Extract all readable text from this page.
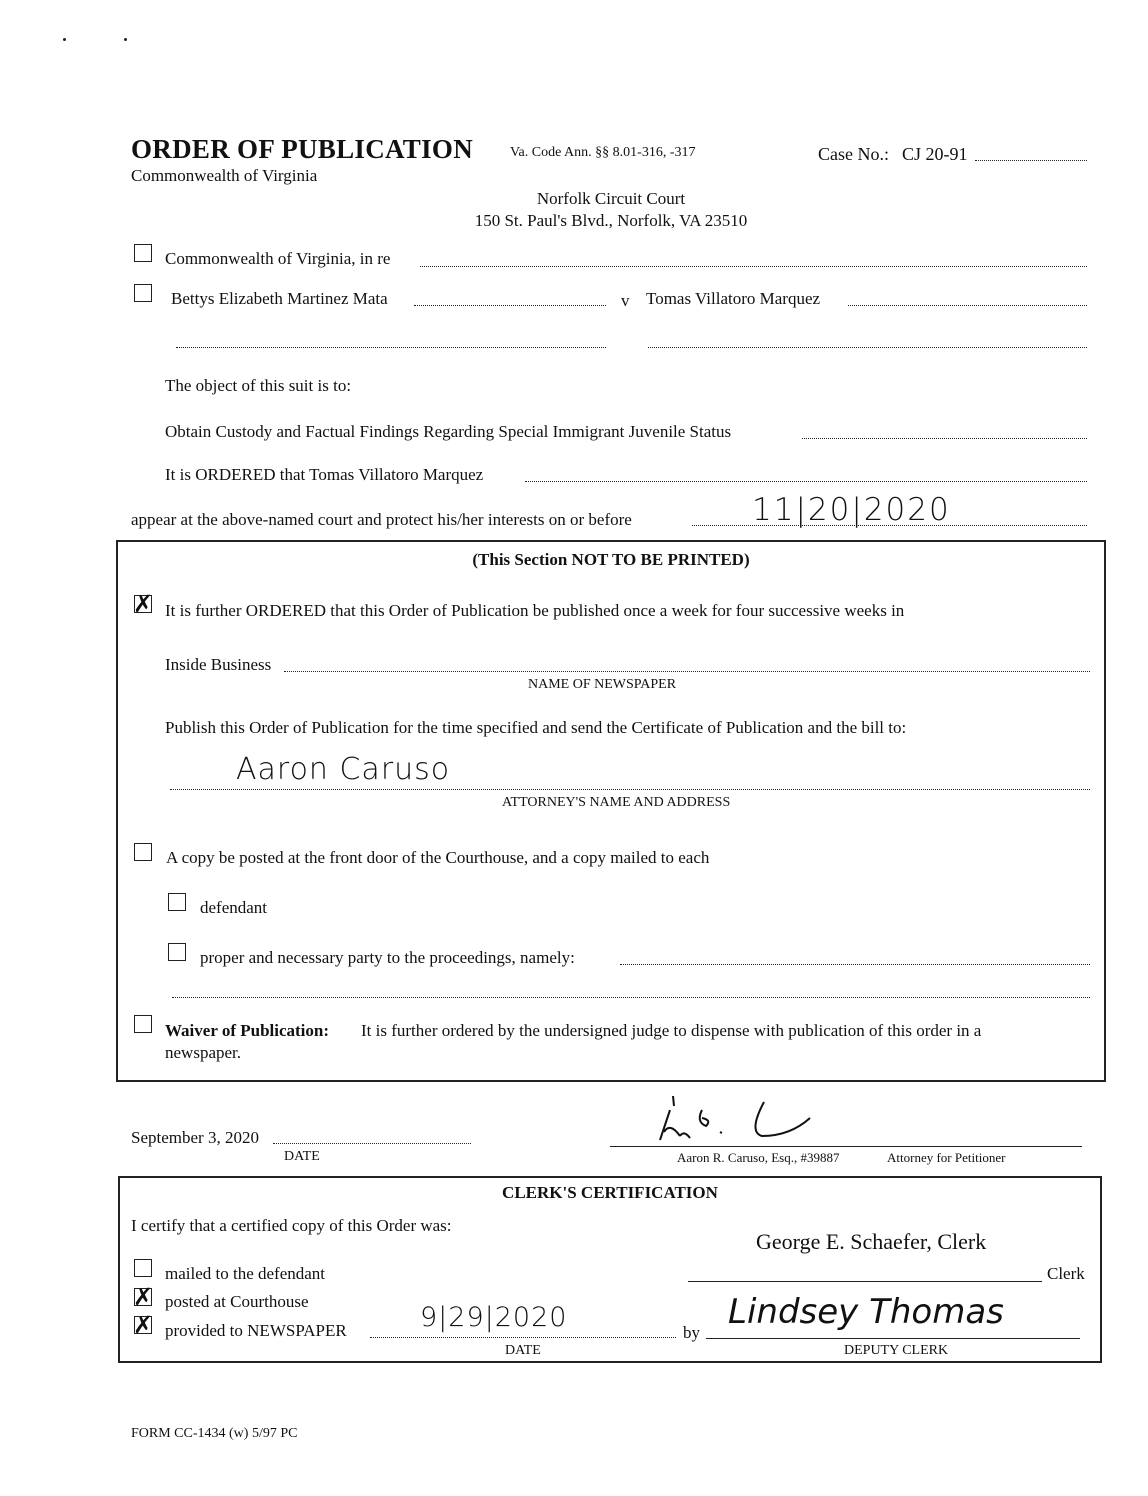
ORDER OF PUBLICATION
Commonwealth of Virginia
Va. Code Ann. §§ 8.01-316, -317	Case No.: CJ 20-91
Norfolk Circuit Court
150 St. Paul's Blvd., Norfolk, VA 23510
Commonwealth of Virginia, in re
Bettys Elizabeth Martinez Mata	v Tomas Villatoro Marquez
The object of this suit is to:
Obtain Custody and Factual Findings Regarding Special Immigrant Juvenile Status
It is ORDERED that Tomas Villatoro Marquez
appear at the above-named court and protect his/her interests on or before	11|20|2020
(This Section NOT TO BE PRINTED)
✗ It is further ORDERED that this Order of Publication be published once a week for four successive weeks in
Inside Business
NAME OF NEWSPAPER
Publish this Order of Publication for the time specified and send the Certificate of Publication and the bill to:
Aaron Caruso
ATTORNEY'S NAME AND ADDRESS
A copy be posted at the front door of the Courthouse, and a copy mailed to each
defendant
proper and necessary party to the proceedings, namely:
Waiver of Publication: It is further ordered by the undersigned judge to dispense with publication of this order in a
newspaper.
September 3, 2020
DATE	Aaron R. Caruso, Esq., #39887	Attorney for Petitioner
CLERK'S CERTIFICATION
I certify that a certified copy of this Order was:
George E. Schaefer, Clerk
Clerk
mailed to the defendant
✗ posted at Courthouse
✗ provided to NEWSPAPER	9|29|2020
DATE
by
Lindsey Thomas
DEPUTY CLERK
FORM CC-1434 (w) 5/97 PC
